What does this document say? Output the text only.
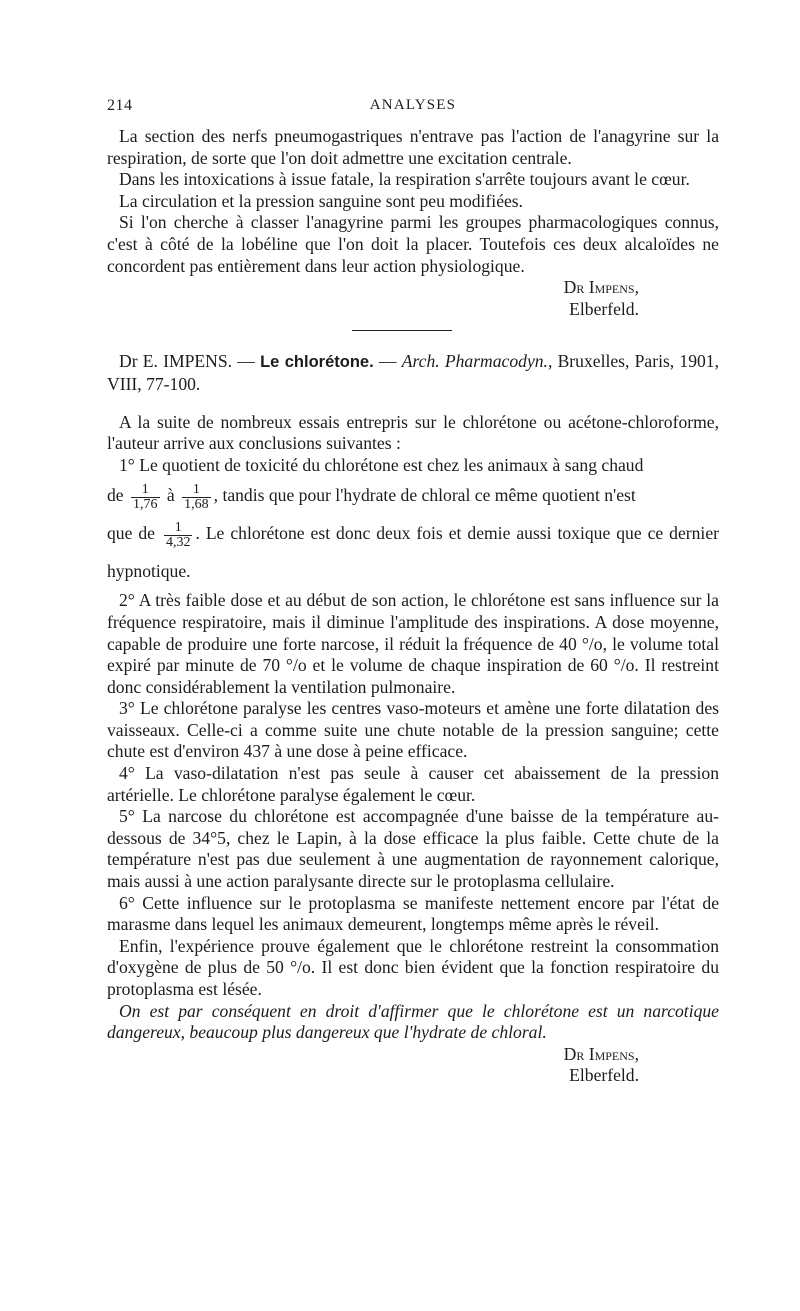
214	ANALYSES

La section des nerfs pneumogastriques n'entrave pas l'action de l'anagyrine sur la respiration, de sorte que l'on doit admettre une excitation centrale.

Dans les intoxications à issue fatale, la respiration s'arrête toujours avant le cœur.

La circulation et la pression sanguine sont peu modifiées.

Si l'on cherche à classer l'anagyrine parmi les groupes pharmacologiques connus, c'est à côté de la lobéline que l'on doit la placer. Toutefois ces deux alcaloïdes ne concordent pas entièrement dans leur action physiologique.

Dr Impens,
Elberfeld.

Dr E. IMPENS. — Le chlorétone. — Arch. Pharmacodyn., Bruxelles, Paris, 1901, VIII, 77-100.

A la suite de nombreux essais entrepris sur le chlorétone ou acétone-chloroforme, l'auteur arrive aux conclusions suivantes :

1° Le quotient de toxicité du chlorétone est chez les animaux à sang chaud

de $\frac{1}{1,76}$ à $\frac{1}{1,68}$ , tandis que pour l'hydrate de chloral ce même quotient n'est
que de $\frac{1}{4,32}$ . Le chlorétone est donc deux fois et demie aussi toxique que ce dernier hypnotique.

2° A très faible dose et au début de son action, le chlorétone est sans influence sur la fréquence respiratoire, mais il diminue l'amplitude des inspirations. A dose moyenne, capable de produire une forte narcose, il réduit la fréquence de 40 °/o, le volume total expiré par minute de 70 °/o et le volume de chaque inspiration de 60 °/o. Il restreint donc considérablement la ventilation pulmonaire.

3° Le chlorétone paralyse les centres vaso-moteurs et amène une forte dilatation des vaisseaux. Celle-ci a comme suite une chute notable de la pression sanguine; cette chute est d'environ 437 à une dose à peine efficace.

4° La vaso-dilatation n'est pas seule à causer cet abaissement de la pression artérielle. Le chlorétone paralyse également le cœur.

5° La narcose du chlorétone est accompagnée d'une baisse de la température au-dessous de 34°5, chez le Lapin, à la dose efficace la plus faible. Cette chute de la température n'est pas due seulement à une augmentation de rayonnement calorique, mais aussi à une action paralysante directe sur le protoplasma cellulaire.

6° Cette influence sur le protoplasma se manifeste nettement encore par l'état de marasme dans lequel les animaux demeurent, longtemps même après le réveil.

Enfin, l'expérience prouve également que le chlorétone restreint la consommation d'oxygène de plus de 50 °/o. Il est donc bien évident que la fonction respiratoire du protoplasma est lésée.

On est par conséquent en droit d'affirmer que le chlorétone est un narcotique dangereux, beaucoup plus dangereux que l'hydrate de chloral.

Dr Impens,
Elberfeld.
